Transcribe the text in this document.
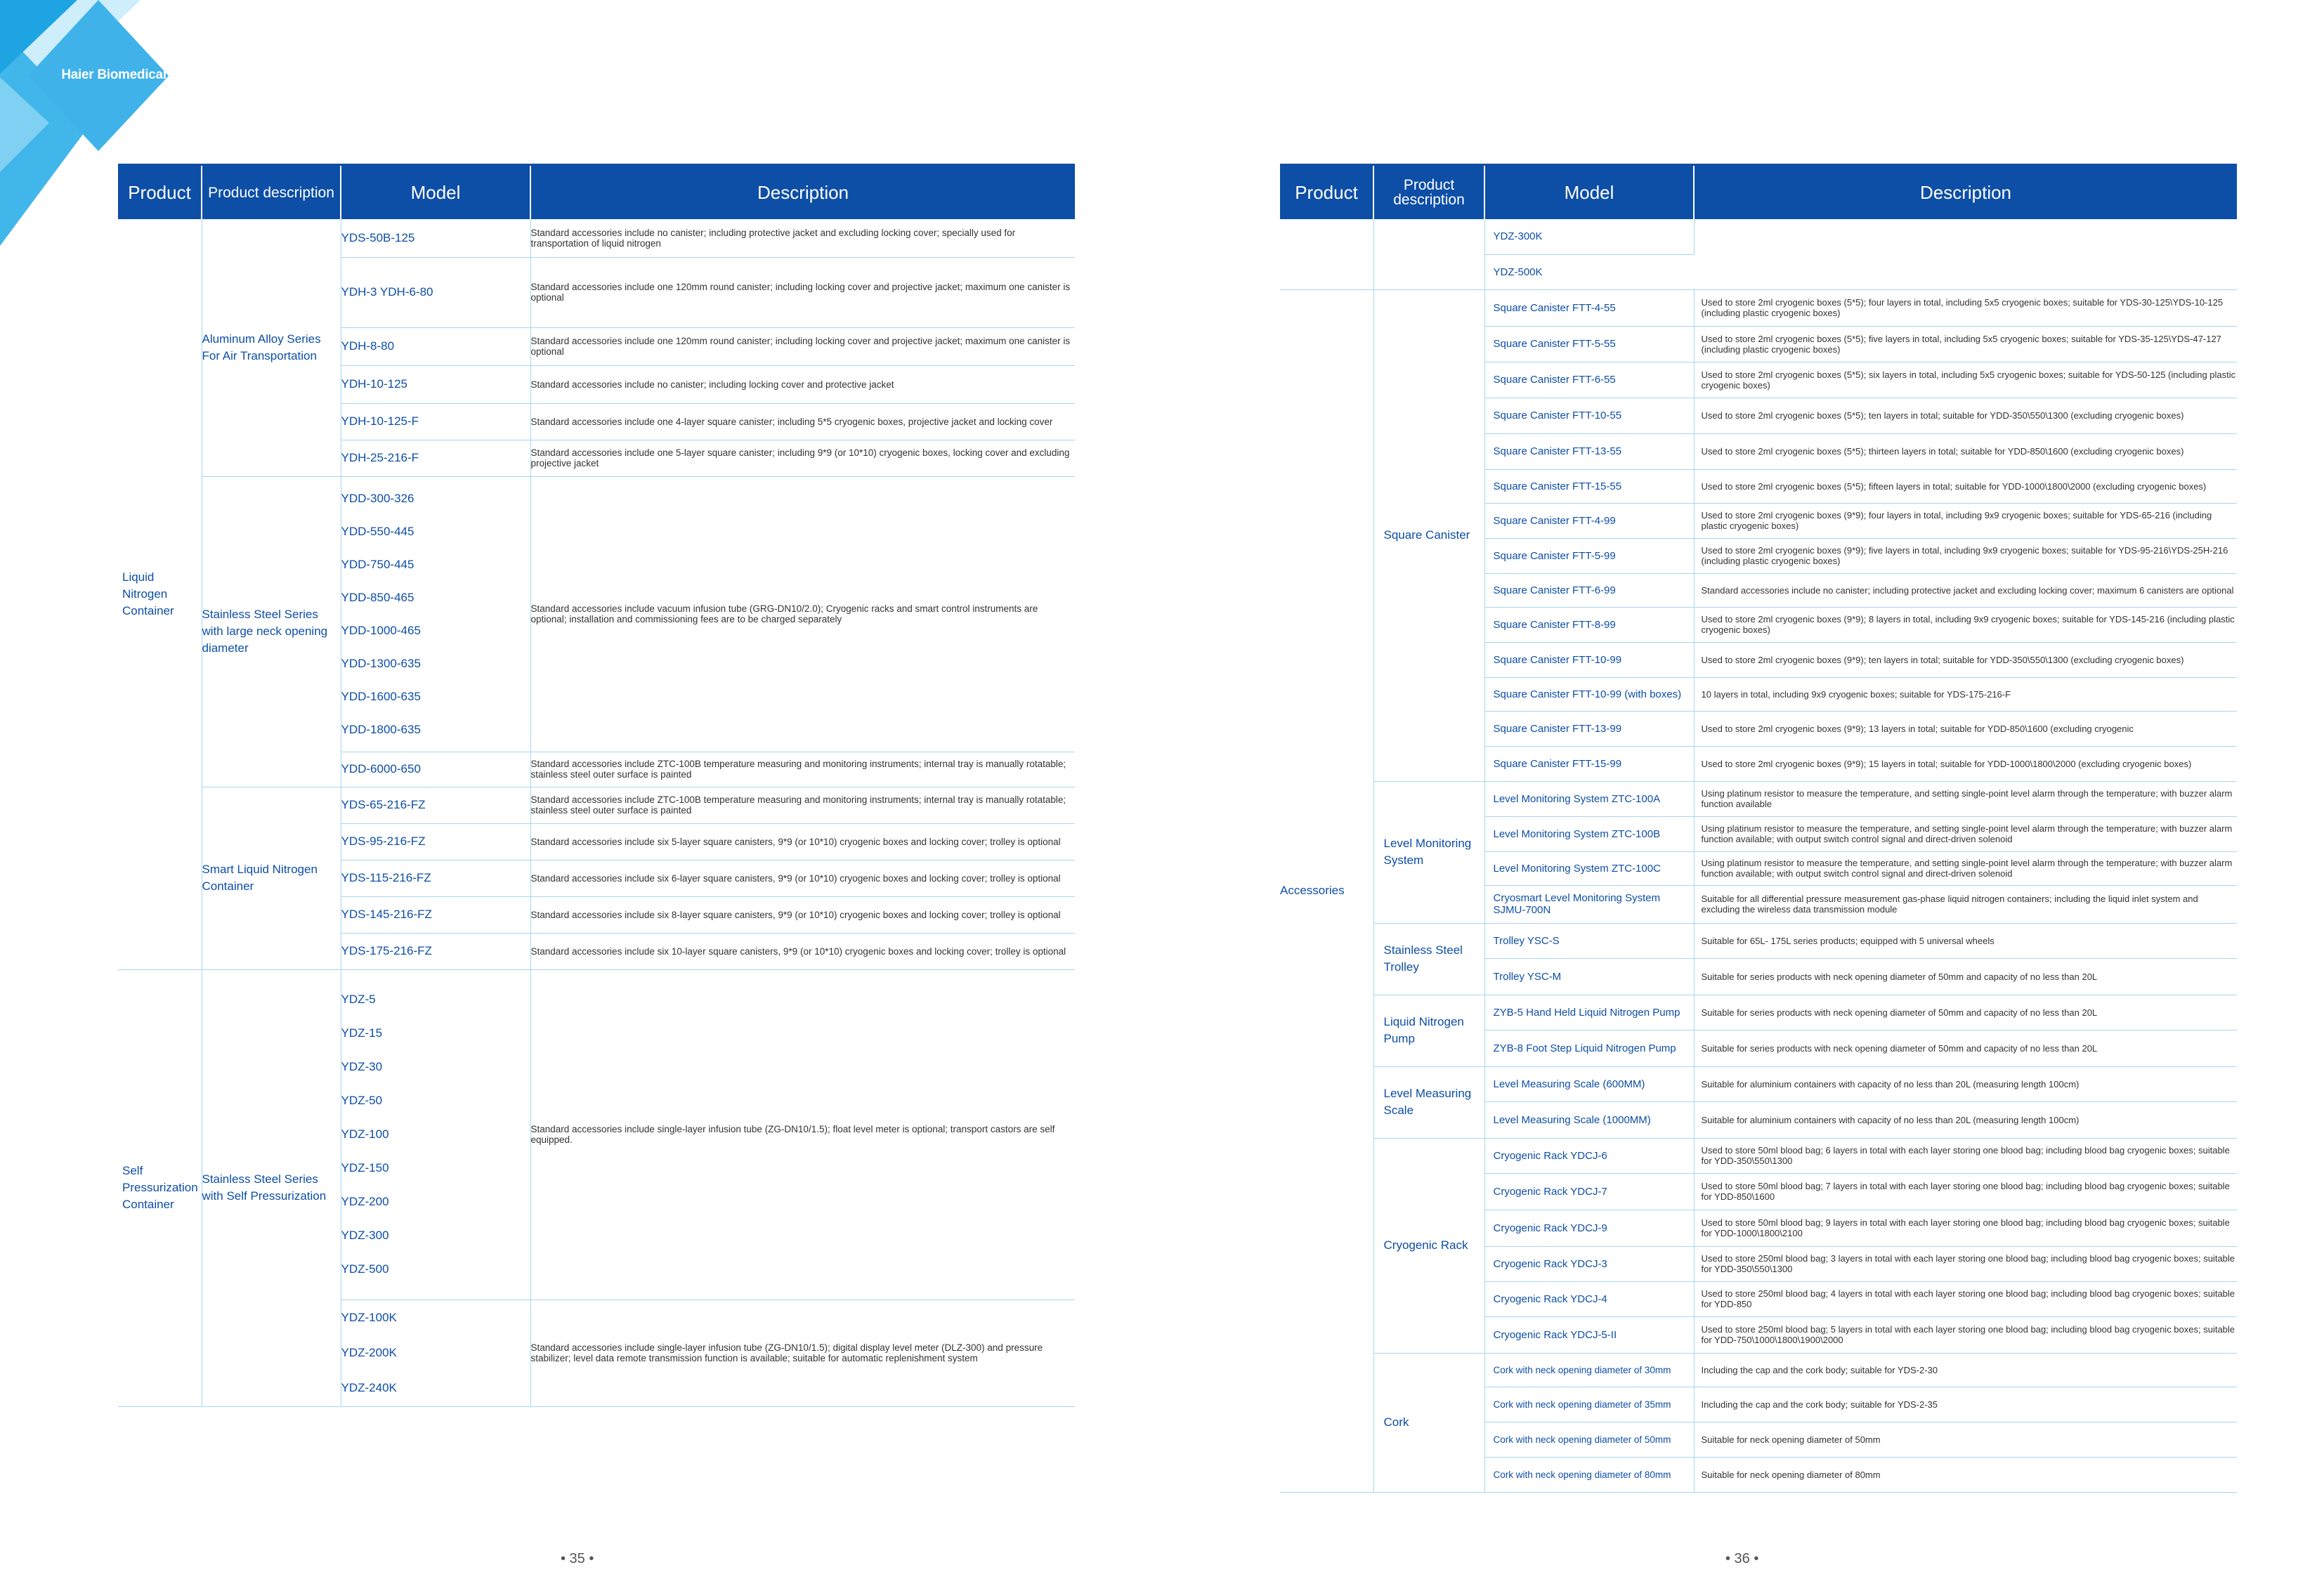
Haier Biomedical
Product	Product description	Model	Description
Liquid Nitrogen Container	Aluminum Alloy Series For Air Transportation	YDS-50B-125	Standard accessories include no canister; including protective jacket and excluding locking cover; specially used for transportation of liquid nitrogen
		YDH-3 YDH-6-80	Standard accessories include one 120mm round canister; including locking cover and projective jacket; maximum one canister is optional
		YDH-8-80	Standard accessories include one 120mm round canister; including locking cover and projective jacket; maximum one canister is optional
		YDH-10-125	Standard accessories include no canister; including locking cover and protective jacket
		YDH-10-125-F	Standard accessories include one 4-layer square canister; including 5*5 cryogenic boxes, projective jacket and locking cover
		YDH-25-216-F	Standard accessories include one 5-layer square canister; including 9*9 (or 10*10) cryogenic boxes, locking cover and excluding projective jacket
	Stainless Steel Series with large neck opening diameter	YDD-300-326 YDD-550-445 YDD-750-445 YDD-850-465 YDD-1000-465 YDD-1300-635 YDD-1600-635 YDD-1800-635	Standard accessories include vacuum infusion tube (GRG-DN10/2.0); Cryogenic racks and smart control instruments are optional; installation and commissioning fees are to be charged separately
		YDD-6000-650	Standard accessories include ZTC-100B temperature measuring and monitoring instruments; internal tray is manually rotatable; stainless steel outer surface is painted
	Smart Liquid Nitrogen Container	YDS-65-216-FZ	Standard accessories include ZTC-100B temperature measuring and monitoring instruments; internal tray is manually rotatable; stainless steel outer surface is painted
		YDS-95-216-FZ	Standard accessories include six 5-layer square canisters, 9*9 (or 10*10) cryogenic boxes and locking cover; trolley is optional
		YDS-115-216-FZ	Standard accessories include six 6-layer square canisters, 9*9 (or 10*10) cryogenic boxes and locking cover; trolley is optional
		YDS-145-216-FZ	Standard accessories include six 8-layer square canisters, 9*9 (or 10*10) cryogenic boxes and locking cover; trolley is optional
		YDS-175-216-FZ	Standard accessories include six 10-layer square canisters, 9*9 (or 10*10) cryogenic boxes and locking cover; trolley is optional
Self Pressurization Container	Stainless Steel Series with Self Pressurization	YDZ-5 YDZ-15 YDZ-30 YDZ-50 YDZ-100 YDZ-150 YDZ-200 YDZ-300 YDZ-500	Standard accessories include single-layer infusion tube (ZG-DN10/1.5); float level meter is optional; transport castors are self equipped.
		YDZ-100K YDZ-200K YDZ-240K	Standard accessories include single-layer infusion tube (ZG-DN10/1.5); digital display level meter (DLZ-300) and pressure stabilizer; level data remote transmission function is available; suitable for automatic replenishment system
• 35 •
Product	Product description	Model	Description
		YDZ-300K	
		YDZ-500K	
Accessories	Square Canister	Square Canister FTT-4-55	Used to store 2ml cryogenic boxes (5*5); four layers in total, including 5x5 cryogenic boxes; suitable for YDS-30-125\YDS-10-125 (including plastic cryogenic boxes)
		Square Canister FTT-5-55	Used to store 2ml cryogenic boxes (5*5); five layers in total, including 5x5 cryogenic boxes; suitable for YDS-35-125\YDS-47-127 (including plastic cryogenic boxes)
		Square Canister FTT-6-55	Used to store 2ml cryogenic boxes (5*5); six layers in total, including 5x5 cryogenic boxes; suitable for YDS-50-125 (including plastic cryogenic boxes)
		Square Canister FTT-10-55	Used to store 2ml cryogenic boxes (5*5); ten layers in total; suitable for YDD-350\550\1300 (excluding cryogenic boxes)
		Square Canister FTT-13-55	Used to store 2ml cryogenic boxes (5*5); thirteen layers in total; suitable for YDD-850\1600 (excluding cryogenic boxes)
		Square Canister FTT-15-55	Used to store 2ml cryogenic boxes (5*5); fifteen layers in total; suitable for YDD-1000\1800\2000 (excluding cryogenic boxes)
		Square Canister FTT-4-99	Used to store 2ml cryogenic boxes (9*9); four layers in total, including 9x9 cryogenic boxes; suitable for YDS-65-216 (including plastic cryogenic boxes)
		Square Canister FTT-5-99	Used to store 2ml cryogenic boxes (9*9); five layers in total, including 9x9 cryogenic boxes; suitable for YDS-95-216\YDS-25H-216 (including plastic cryogenic boxes)
		Square Canister FTT-6-99	Standard accessories include no canister; including protective jacket and excluding locking cover; maximum 6 canisters are optional
		Square Canister FTT-8-99	Used to store 2ml cryogenic boxes (9*9); 8 layers in total, including 9x9 cryogenic boxes; suitable for YDS-145-216 (including plastic cryogenic boxes)
		Square Canister FTT-10-99	Used to store 2ml cryogenic boxes (9*9); ten layers in total; suitable for YDD-350\550\1300 (excluding cryogenic boxes)
		Square Canister FTT-10-99 (with boxes)	10 layers in total, including 9x9 cryogenic boxes; suitable for YDS-175-216-F
		Square Canister FTT-13-99	Used to store 2ml cryogenic boxes (9*9); 13 layers in total; suitable for YDD-850\1600 (excluding cryogenic
		Square Canister FTT-15-99	Used to store 2ml cryogenic boxes (9*9); 15 layers in total; suitable for YDD-1000\1800\2000 (excluding cryogenic boxes)
	Level Monitoring System	Level Monitoring System ZTC-100A	Using platinum resistor to measure the temperature, and setting single-point level alarm through the temperature; with buzzer alarm function available
		Level Monitoring System ZTC-100B	Using platinum resistor to measure the temperature, and setting single-point level alarm through the temperature; with buzzer alarm function available; with output switch control signal and direct-driven solenoid
		Level Monitoring System ZTC-100C	Using platinum resistor to measure the temperature, and setting single-point level alarm through the temperature; with buzzer alarm function available; with output switch control signal and direct-driven solenoid
		Cryosmart Level Monitoring System SJMU-700N	Suitable for all differential pressure measurement gas-phase liquid nitrogen containers; including the liquid inlet system and excluding the wireless data transmission module
	Stainless Steel Trolley	Trolley YSC-S	Suitable for 65L- 175L series products; equipped with 5 universal wheels
		Trolley YSC-M	Suitable for series products with neck opening diameter of 50mm and capacity of no less than 20L
	Liquid Nitrogen Pump	ZYB-5 Hand Held Liquid Nitrogen Pump	Suitable for series products with neck opening diameter of 50mm and capacity of no less than 20L
		ZYB-8 Foot Step Liquid Nitrogen Pump	Suitable for series products with neck opening diameter of 50mm and capacity of no less than 20L
	Level Measuring Scale	Level Measuring Scale (600MM)	Suitable for aluminium containers with capacity of no less than 20L (measuring length 100cm)
		Level Measuring Scale (1000MM)	Suitable for aluminium containers with capacity of no less than 20L (measuring length 100cm)
	Cryogenic Rack	Cryogenic Rack YDCJ-6	Used to store 50ml blood bag; 6 layers in total with each layer storing one blood bag; including blood bag cryogenic boxes; suitable for YDD-350\550\1300
		Cryogenic Rack YDCJ-7	Used to store 50ml blood bag; 7 layers in total with each layer storing one blood bag; including blood bag cryogenic boxes; suitable for YDD-850\1600
		Cryogenic Rack YDCJ-9	Used to store 50ml blood bag; 9 layers in total with each layer storing one blood bag; including blood bag cryogenic boxes; suitable for YDD-1000\1800\2100
		Cryogenic Rack YDCJ-3	Used to store 250ml blood bag; 3 layers in total with each layer storing one blood bag; including blood bag cryogenic boxes; suitable for YDD-350\550\1300
		Cryogenic Rack YDCJ-4	Used to store 250ml blood bag; 4 layers in total with each layer storing one blood bag; including blood bag cryogenic boxes; suitable for YDD-850
		Cryogenic Rack YDCJ-5-II	Used to store 250ml blood bag; 5 layers in total with each layer storing one blood bag; including blood bag cryogenic boxes; suitable for YDD-750\1000\1800\1900\2000
	Cork	Cork with neck opening diameter of 30mm	Including the cap and the cork body; suitable for YDS-2-30
		Cork with neck opening diameter of 35mm	Including the cap and the cork body; suitable for YDS-2-35
		Cork with neck opening diameter of 50mm	Suitable for neck opening diameter of 50mm
		Cork with neck opening diameter of 80mm	Suitable for neck opening diameter of 80mm
• 36 •
